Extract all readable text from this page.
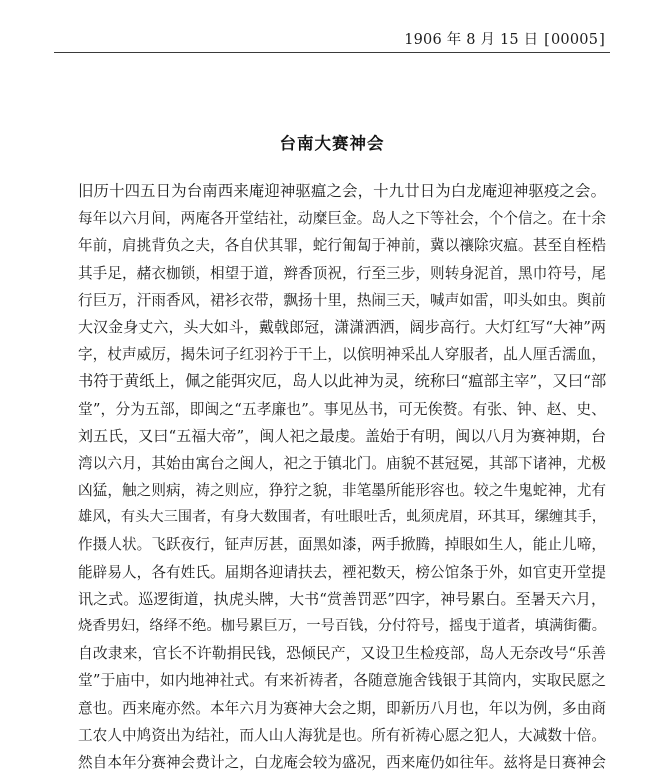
1906 年 8 月 15 日 [00005]
台南大赛神会
旧历十四五日为台南西来庵迎神驱瘟之会，十九廿日为白龙庵迎神驱疫之会。
每年以六月间，两庵各开堂结社，动糜巨金。岛人之下等社会，个个信之。在十余
年前，肩挑背负之夫，各自伏其罪，蛇行匍匐于神前，冀以禳除灾瘟。甚至自桎梏
其手足，赭衣枷锁，相望于道，辫香顶祝，行至三步，则转身泥首，黑巾符号，尾
行巨万，汗雨香风，裙衫衣带，飘扬十里，热闹三天，喊声如雷，叩头如虫。舆前
大汉金身丈六，头大如斗，戴戟郎冠，潇潇洒洒，阔步高行。大灯红写“大神”两
字，杖声威厉，揭朱诃子红羽衿于干上，以傧明神采乩人穿服者，乩人厘舌濡血，
书符于黄纸上，佩之能弭灾厄，岛人以此神为灵，统称曰“瘟部主宰”，又曰“部
堂”，分为五部，即闽之“五孝廉也”。事见丛书，可无俟赘。有张、钟、赵、史、
刘五氏，又曰“五福大帝”，闽人祀之最虔。盖始于有明，闽以八月为赛神期，台
湾以六月，其始由寓台之闽人，祀之于镇北门。庙貌不甚冠冕，其部下诸神，尤极
凶猛，触之则病，祷之则应，狰狞之貌，非笔墨所能形容也。较之牛鬼蛇神，尤有
雄风，有头大三围者，有身大数围者，有吐眼吐舌，虬须虎眉，环其耳，缧缠其手，
作摄人状。飞跃夜行，钲声厉甚，面黑如漆，两手掀腾，掉眼如生人，能止儿啼，
能辟易人，各有姓氏。届期各迎请扶去，禋祀数天，榜公馆条于外，如官吏开堂提
讯之式。巡逻街道，执虎头牌，大书“赏善罚恶”四字，神号累白。至暑天六月，
烧香男妇，络绎不绝。枷号累巨万，一号百钱，分付符号，摇曳于道者，填满街衢。
自改隶来，官长不许勒捐民钱，恐倾民产，又设卫生检疫部，岛人无奈改号“乐善
堂”于庙中，如内地神社式。有来祈祷者，各随意施舍钱银于其筒内，实取民愿之
意也。西来庵亦然。本年六月为赛神大会之期，即新历八月也，年以为例，多由商
工农人中鸠资出为结社，而人山人海犹是也。所有祈祷心愿之犯人，大减数十倍。
然自本年分赛神会费计之，白龙庵会较为盛况，西来庵仍如往年。兹将是日赛神会
